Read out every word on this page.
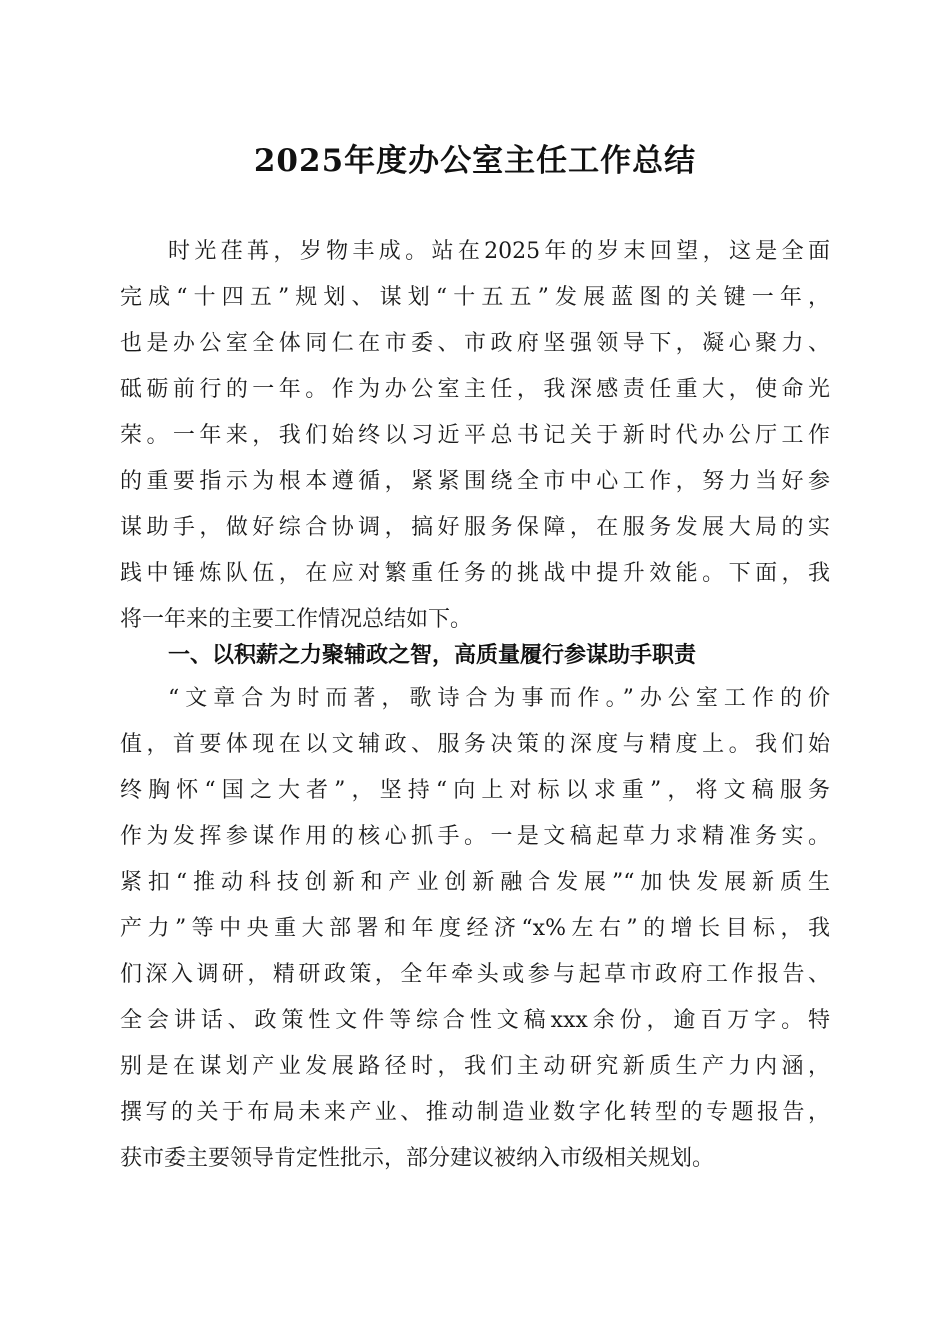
2025年度办公室主任工作总结
时光荏苒，岁物丰成。站在2025年的岁末回望，这是全面
完成“十四五”规划、谋划“十五五”发展蓝图的关键一年，
也是办公室全体同仁在市委、市政府坚强领导下，凝心聚力、
砥砺前行的一年。作为办公室主任，我深感责任重大，使命光
荣。一年来，我们始终以习近平总书记关于新时代办公厅工作
的重要指示为根本遵循，紧紧围绕全市中心工作，努力当好参
谋助手，做好综合协调，搞好服务保障，在服务发展大局的实
践中锤炼队伍，在应对繁重任务的挑战中提升效能。下面，我
将一年来的主要工作情况总结如下。
一、以积薪之力聚辅政之智，高质量履行参谋助手职责
“文章合为时而著，歌诗合为事而作。”办公室工作的价
值，首要体现在以文辅政、服务决策的深度与精度上。我们始
终胸怀“国之大者”，坚持“向上对标以求重”，将文稿服务
作为发挥参谋作用的核心抓手。一是文稿起草力求精准务实。
紧扣“推动科技创新和产业创新融合发展”“加快发展新质生
产力”等中央重大部署和年度经济“x%左右”的增长目标，我
们深入调研，精研政策，全年牵头或参与起草市政府工作报告、
全会讲话、政策性文件等综合性文稿xxx余份，逾百万字。特
别是在谋划产业发展路径时，我们主动研究新质生产力内涵，
撰写的关于布局未来产业、推动制造业数字化转型的专题报告，
获市委主要领导肯定性批示，部分建议被纳入市级相关规划。
